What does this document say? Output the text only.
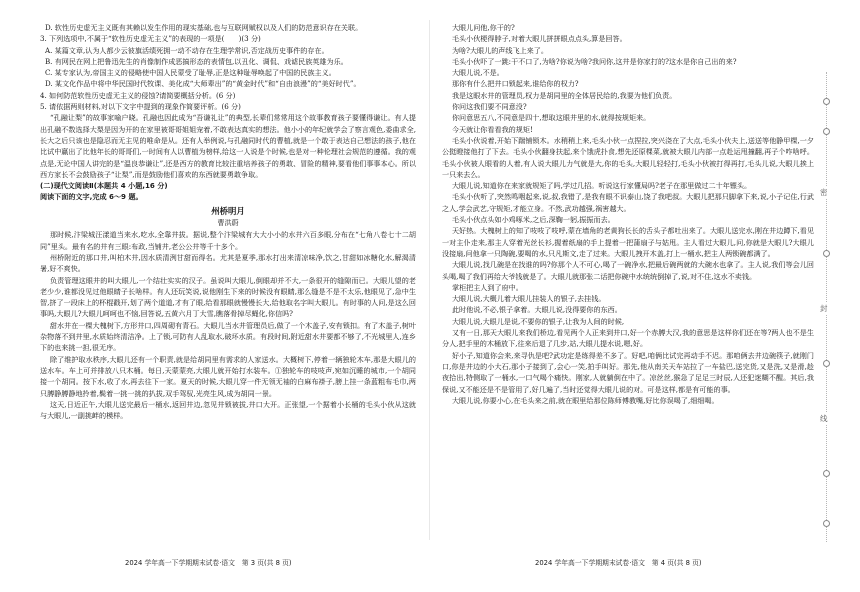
D. 软性历史虚无主义既有其赖以发生作用的现实基础,也与互联网赋权以及人们的防范意识存在关联。
3. 下列选项中,不属于“软性历史虚无主义”的表现的一项是(　　)(3 分)
A. 某篇文章,认为人都少云彼旗活绩死拥一动不动存在生理学常识,否定战历史事件的存在。
B. 有网民在网上把鲁迅先生的肖像制作成恶搞形态的表情包,以丑化、调侃、戏谑民族英雄为乐。
C. 某专家认为,帝国主义的侵略使中国人民蒙受了耻辱,正是这种耻辱唤起了中国的民族主义。
D. 某文化作品中将中华民国时代牧课、美化成“大师辈出”的“黄金时代”和“自由浪漫”的“美好时代”。
4. 如何防范软性历史虚无主义的侵蚀?请简要概括分析。(6 分)
5. 请依据两则材料,对以下文字中提到的现象作简要评析。(6 分)
“孔融让梨”的故事家喻户晓。孔融也因此成为“吾谦礼让”的典型,长辈们常常用这个故事教育孩子要懂得谦让。有人提出孔融不数选择大梨是因为开的在家里被哥哥姐姐宠着,不敢表达真实的想法。他小小的年纪就学会了察言观色,委曲求全,长大之后只该也是隐忍而无主见的唯命是从。还有人举例说,与孔融同时代的曹植,就是一个敢于表达自己想法的孩子,他在比试中赢出了比他年长的哥哥们,一时间有人以曹植为榜样,给这一人说是个时候,也是对一种伦理社会规范的遵循。我的观点是,无论中国人讲完的是“温良恭谦让”,还是西方的教育比较注重培养孩子的勇敢、冒险的精神,要看他们事事本心。所以西方家长不会鼓励孩子“让梨”,而是鼓励他们喜欢的东西就要勇敢争取。
(二)现代文阅读Ⅱ(本题共 4 小题,16 分)
阅读下面的文字,完成 6～9 题。
州桥明月
曹洪蔚
那时候,汴梁城汪漾道当来水,吃水,全靠井拔。据说,整个汴梁城有大大小小的水井六百多眼,分布在“七角八卷七十二胡同”里头。最有名的井有三眼:布政,当铺井,老公公井等千十多个。
州桥附近的那口井,叫柏木井,因水质清洌甘甜而得名。尤其是夏季,那水打出来清凉味净,饮之,甘甜如冰糖化水,解渴清暑,好不爽快。
负责管理这眼井的叫大眼儿,一个结壮实实的汉子。虽说叫大眼儿,倒眼却并不大,一条很开的缝隙而已。大眼儿望的老老少少,谁都没见过他眼睛子长啥样。有人还玩笑说,说他刚生下来的时候没有眼睛,那么缝是不是不太乐,他眼见了,急中生智,挤了一段床上的杯棍戳开,划了两个道道,才有了眼,给看那眼就慢慢长大,给他取名字叫大眼儿。有时事的人问,是这么回事吗,大眼儿?大眼儿呵呵也不恼,回答说,五黄六月丁大雪,瞧落骨掉尽蝇化,你信吗?
甜水井在一棵大槐树下,方形井口,四周砌有青石。大眼儿当水井管理员后,做了一个木盖子,安有锁扣。有了木盖子,树叶杂物落不到井里,水质始终清洁净。上了锁,可防有人乱取水,破坏水质。有段时间,附近甜水井要都不够了,不光城里人,连乡下的也来挑一担,很无序。
除了维护取水秩序,大眼儿还有一个职责,就是给胡同里有需求的人家送水。大概树下,停着一辆独轮木车,那是大眼儿的送水车。车上可并排放八只木桶。每日,天蒙蒙亮,大眼儿就开始打水装车。①独轮车的吱吱声,宛如沉睡的城市,一个胡同接一个胡同。按下水,收了水,再去往下一家。夏天的时候,大眼儿穿一件无领无袖的白麻布褂子,膀上挂一条蓝粗布毛巾,两只膊静膊静地拎着,鬓着一挑一挑的扒拔,双手驾驭,光亮生风,成为胡同一景。
这天,日近正午,大眼儿送完最后一桶水,返回井边,忽见井锁被拔,井口大开。正张望,一个据着小长桶的毛头小伙从这就与大眼儿,一副挑衅的模样。
大眼儿问他,你干的?
毛头小伙梗得脖子,对着大眼儿拼拼眼点点头,算是回答。
为啥?大眼儿的声线飞上来了。
毛头小伙吓了一跳:干不口了,为啥?你说为啥?我问你,这井是你家打的?这水是你自己出的来?
大眼儿说,不是。
那你有什么把井口锁起来,谁给你的权力?
我是这眼水井的管理员,权力是胡同里的全体居民给的,我要为他们负责。
你问这我们要不同意没?
你问意思五八,不同意是四十,想取这眼井里的水,就得按规矩来。
今天就让你看看我的规矩!
毛头小伙说着,开始下踹铺锁木。水稍稍上来,毛头小伙一点捏拉,突兴浇在了大点,毛头小伙夫上,送送等他静甲棵,一夕公挺瞪接他打了下去。毛头小伙翻身扶起,来个饿虎扑食,想先还原棵菜,就被大眼儿内部一点赴运甩撞翻,再子个咋啥呼。毛头小伙被人眼看的人着,有人说大眼儿力气就是大,你的毛头,大眼儿轻轻打,毛头小伙被打得再打,毛头儿说,大眼儿挨上一只来去么。
大眼儿说,知道你在来家就规矩了吗,学过几招。听说这行家懂局吗?老子在那里做过二十年镖头。
毛头小伙听了,突然鸣咽起来,说,叔,我错了,是我有眼不识泰山,饶了我吧叔。大眼儿把那只脚拿下来,说,小子记住,行武之人,学会武艺,守规矩,才能立身。不然,武功越强,祸害越大。
毛头小伙点头如小鸡啄米,之后,深鞠一躬,振振而去。
天好热。大槐树上的知了吱吱了吱呼,蒙在墙角的老黄狗长长的舌头子都吐出来了。大眼儿送完水,刚在井边蹲下,看见一对主仆走来,那主人穿着光丝长衫,握着纸扇的手上提着一把蒲扇子与姑甩。主人看过大眼儿,问,你就是大眼儿?大眼儿没接扇,问他拿一只陶碗,要喝的水,只凡斯文,走了过来。大眼儿拽开木盖,打上一桶水,把主人两锁碗都满了。
大眼儿说,找几碗是在找谁的吗?你那个人不可心,喝了一碗净水,把最后碗两就的大碗水也拿了。主人说,我们等会儿回头喝,喝了我们再给大爷钱就是了。大眼儿就那张二话把你碗中水统统倒掉了,说,对不住,这水不卖钱。
掌柜把主人到了府中。
大眼儿说,大概儿着大眼儿挂装人的银子,去挂钱。
此时他说,不必,银子拿着。大眼儿说,没得要你的东西。
大眼儿说,大眼儿是说,不要你的银子,让我为人间的时候,
又有一日,那天大眼儿来我们桥边,看见两个人正来到井口,好一个赤膊大汉,我的意思是这样你们还在等?两人也不是生分人,把手里的木桶放下,往来后退了几步,站,大眼儿提水说,嗯,好。
好小子,知道你会来,来寻仇是吧?武功定是练得差不多了。好吧,咱俩比试完再动手不迟。那咱俩去井边碗筷子,就刚门口,你是井边的小大石,那小子接到了,会心一笑,拍手叫好。那先,他从南关天车站拉了一车盐巴,送完货,又是洗,又是滑,趁夜拾出,特侧取了一桶水,一口气喝个痛快。刚家,人就躺倒在中了。凉丝丝,猴急了足足三时辰,人还犯迷糊不醒。其后,我保说,又不能还是不是管用了,好几遍了,当时还觉得大眼儿说的对。可是这样,都是有可能的事。
大眼儿说,你要小心,在毛头来之前,就在眼里给那位陈师傅教嘴,好比你误喝了,细细喝。
2024 学年高一下学期期末试卷·语文　第 3 页(共 8 页)	2024 学年高一下学期期末试卷·语文　第 4 页(共 8 页)
密
封
线
